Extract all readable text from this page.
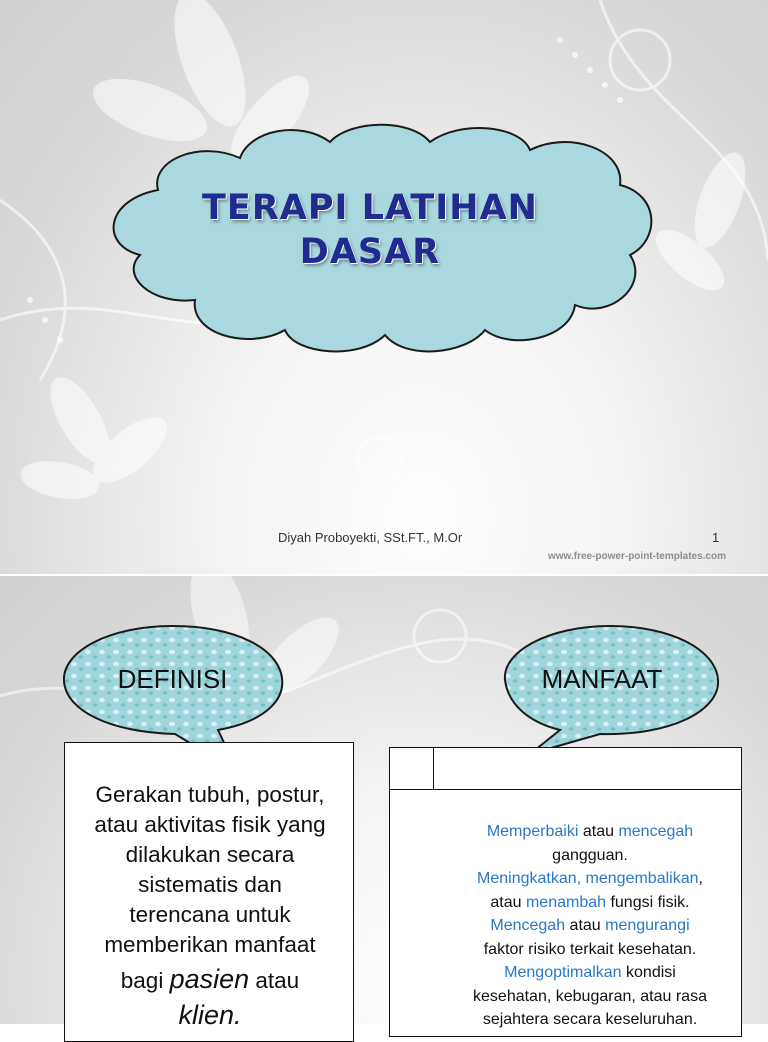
TERAPI LATIHAN
DASAR
Diyah Proboyekti, SSt.FT., M.Or	1
www.free-power-point-templates.com
DEFINISI	MANFAAT
Gerakan tubuh, postur,
atau aktivitas fisik yang
dilakukan secara
sistematis dan
terencana untuk
memberikan manfaat
bagi pasien atau
klien.
Memperbaiki atau mencegah
gangguan.
Meningkatkan, mengembalikan,
atau menambah fungsi fisik.
Mencegah atau mengurangi
faktor risiko terkait kesehatan.
Mengoptimalkan kondisi
kesehatan, kebugaran, atau rasa
sejahtera secara keseluruhan.
